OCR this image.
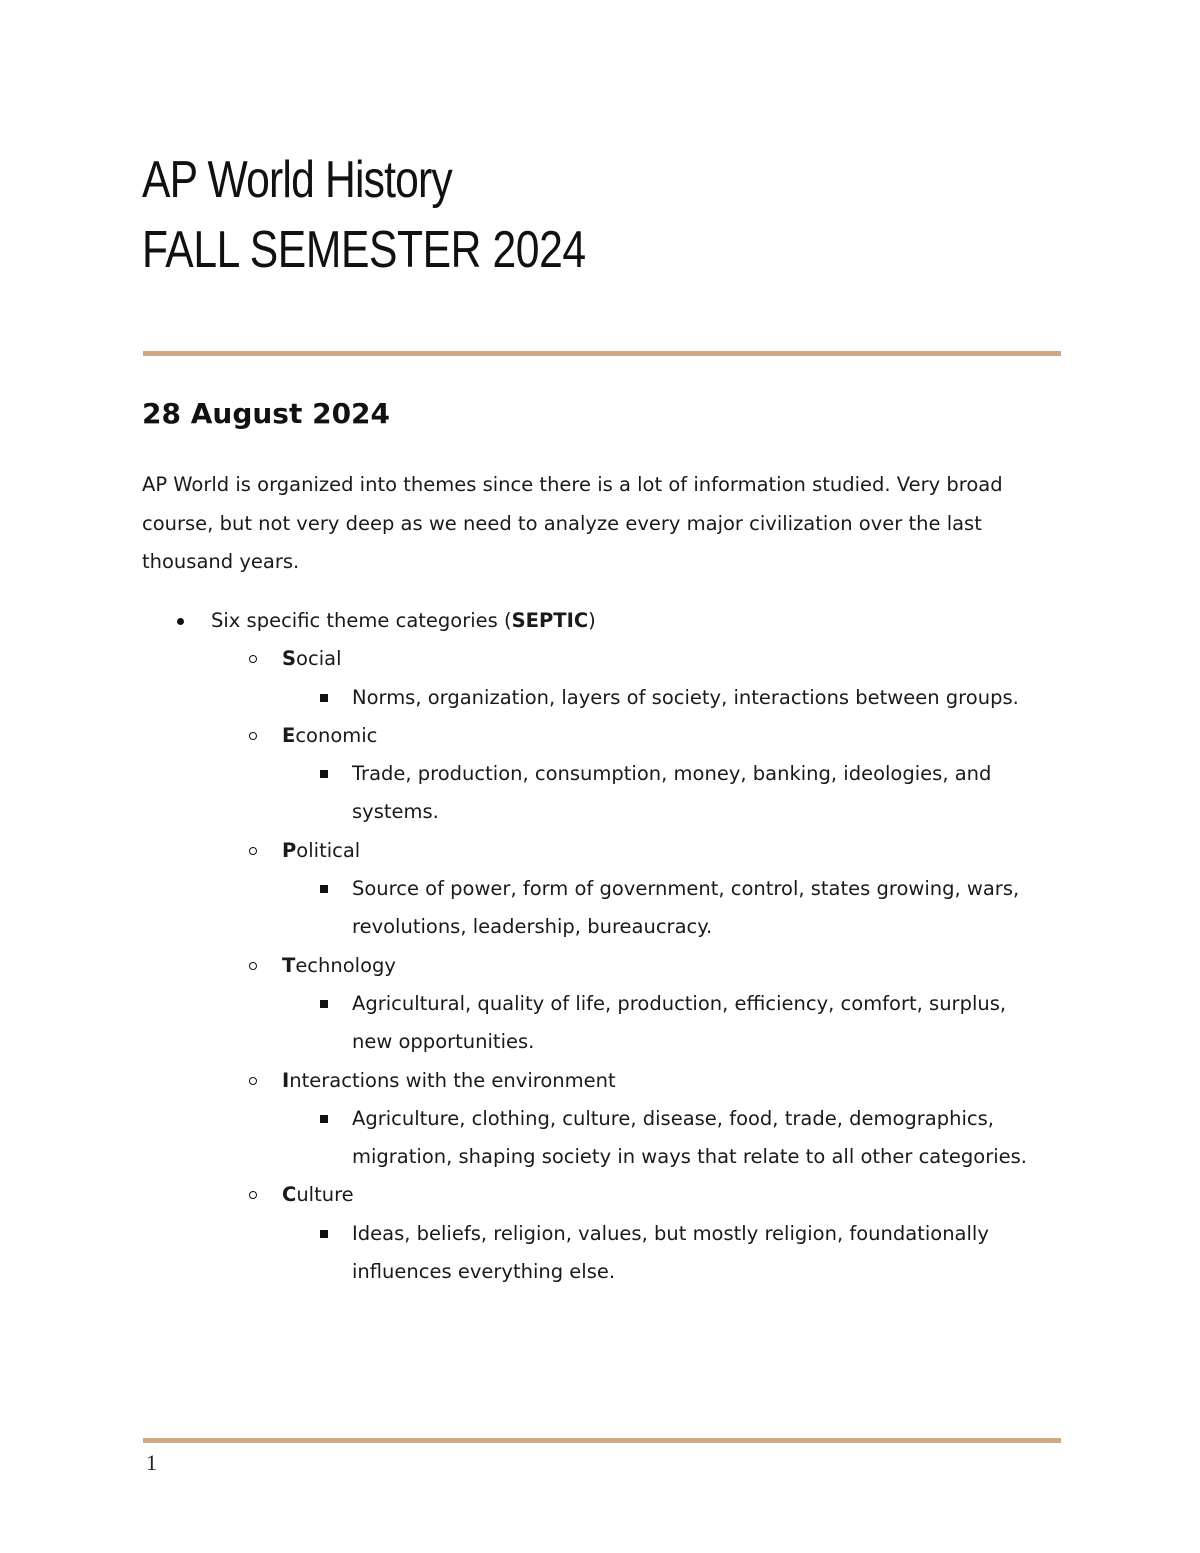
AP World History
FALL SEMESTER 2024
28 August 2024

AP World is organized into themes since there is a lot of information studied. Very broad
course, but not very deep as we need to analyze every major civilization over the last
thousand years.

Six specific theme categories (SEPTIC)
Social
Norms, organization, layers of society, interactions between groups.
Economic
Trade, production, consumption, money, banking, ideologies, and
systems.
Political
Source of power, form of government, control, states growing, wars,
revolutions, leadership, bureaucracy.
Technology
Agricultural, quality of life, production, efficiency, comfort, surplus,
new opportunities.
Interactions with the environment
Agriculture, clothing, culture, disease, food, trade, demographics,
migration, shaping society in ways that relate to all other categories.
Culture
Ideas, beliefs, religion, values, but mostly religion, foundationally
influences everything else.
1
